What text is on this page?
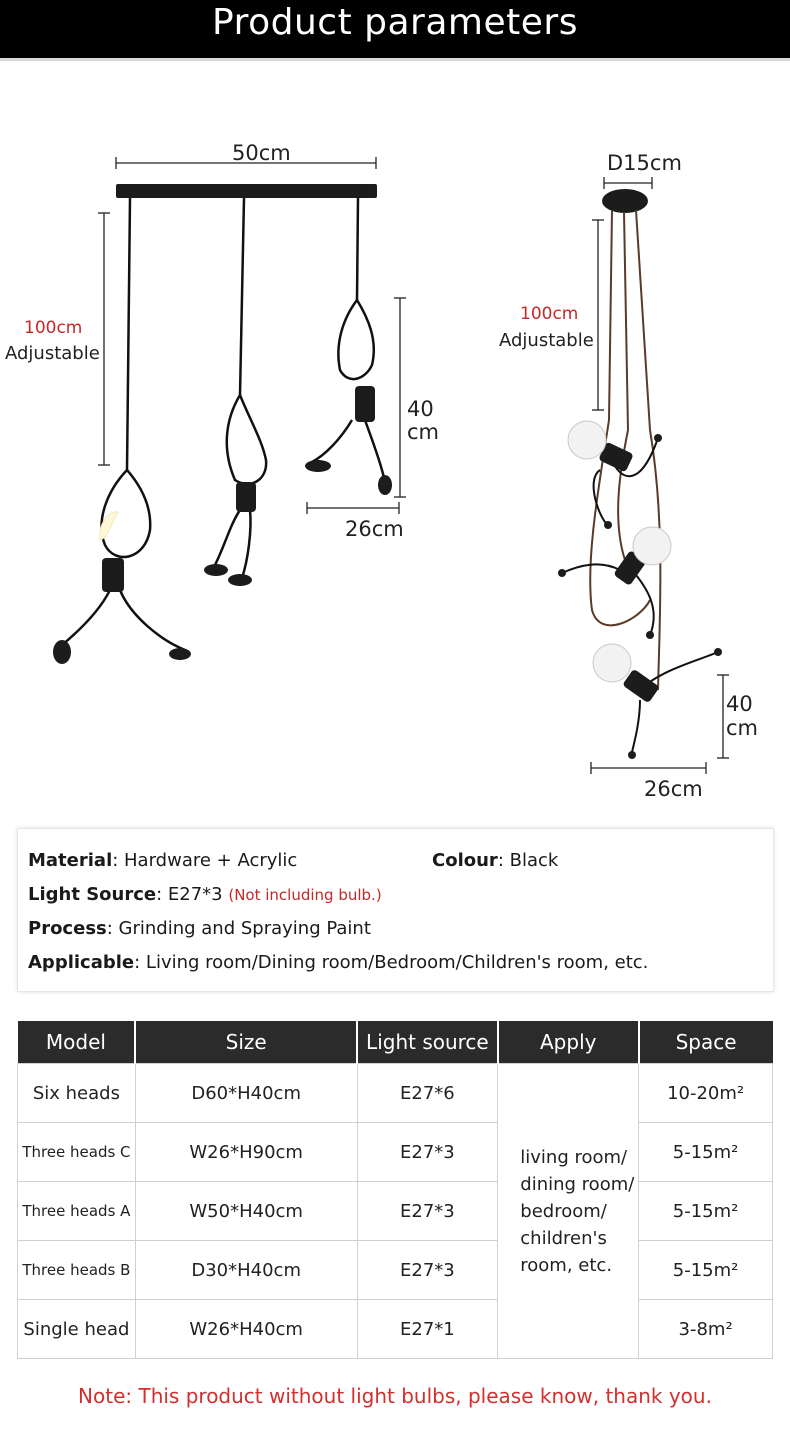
Product parameters
50cm
100cm
Adjustable
40
cm
26cm
D15cm
100cm
Adjustable
40
cm
26cm
Material: Hardware + Acrylic	Colour: Black
Light Source: E27*3 (Not including bulb.)
Process: Grinding and Spraying Paint
Applicable: Living room/Dining room/Bedroom/Children's room, etc.
Model	Size	Light source	Apply	Space
Six heads	D60*H40cm	E27*6	living room/
dining room/
bedroom/
children's
room, etc.	10-20m²
Three heads C	W26*H90cm	E27*3		5-15m²
Three heads A	W50*H40cm	E27*3		5-15m²
Three heads B	D30*H40cm	E27*3		5-15m²
Single head	W26*H40cm	E27*1		3-8m²
Note: This product without light bulbs, please know, thank you.
